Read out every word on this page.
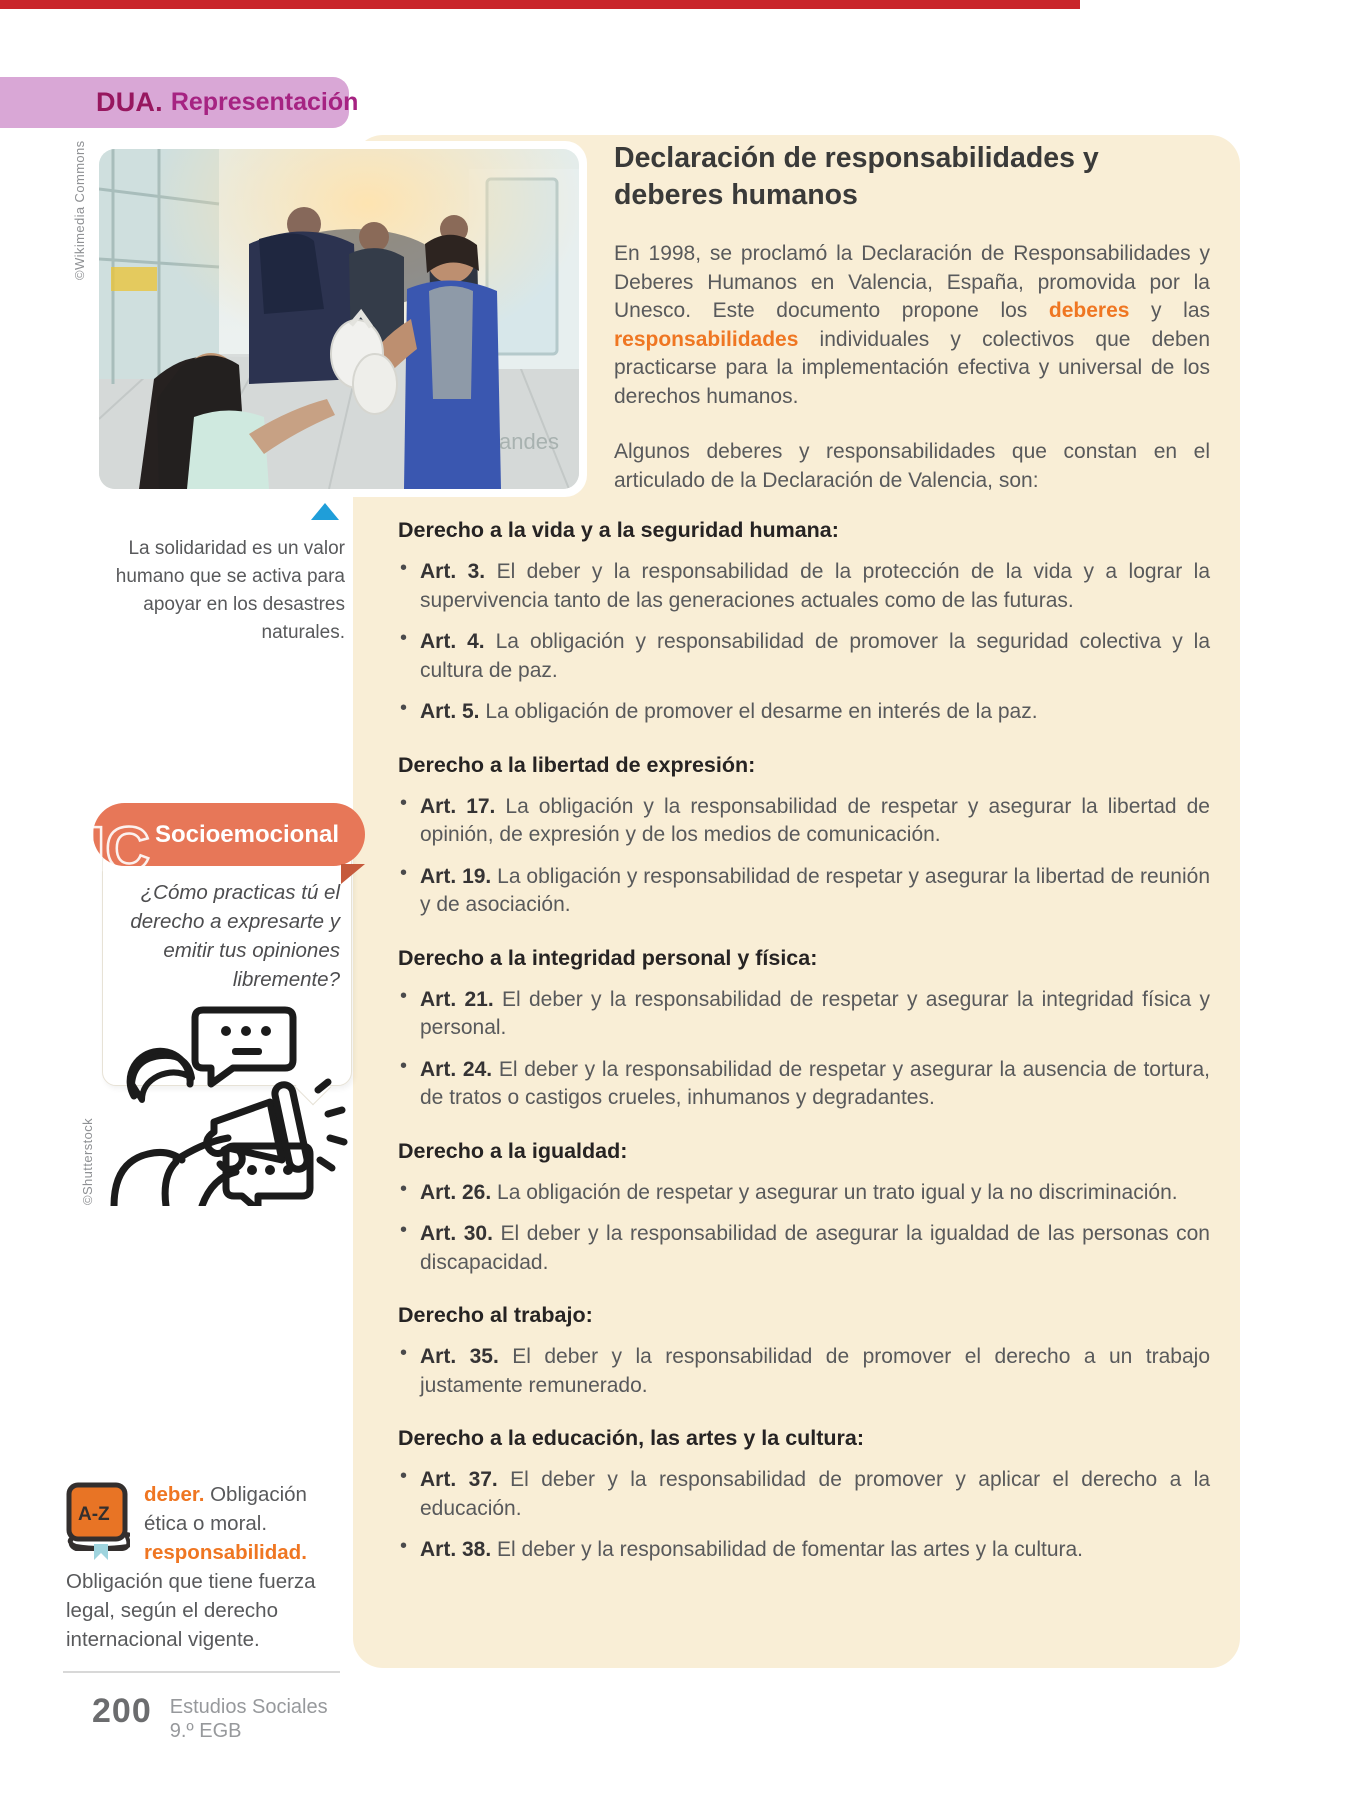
DUA. Representación
andes
©Wikimedia Commons
La solidaridad es un valor humano que se activa para apoyar en los desastres naturales.
Declaración de responsabilidades y deberes humanos

En 1998, se proclamó la Declaración de Responsabilidades y Deberes Humanos en Valencia, España, promovida por la Unesco. Este documento propone los deberes y las responsabilidades individuales y colectivos que deben practicarse para la implementación efectiva y universal de los derechos humanos.

Algunos deberes y responsabilidades que constan en el articulado de la Declaración de Valencia, son:

Derecho a la vida y a la seguridad humana:
• Art. 3. El deber y la responsabilidad de la protección de la vida y a lograr la supervivencia tanto de las generaciones actuales como de las futuras.
• Art. 4. La obligación y responsabilidad de promover la seguridad colectiva y la cultura de paz.
• Art. 5. La obligación de promover el desarme en interés de la paz.
Derecho a la libertad de expresión:
• Art. 17. La obligación y la responsabilidad de respetar y asegurar la libertad de opinión, de expresión y de los medios de comunicación.
• Art. 19. La obligación y responsabilidad de respetar y asegurar la libertad de reunión y de asociación.
Derecho a la integridad personal y física:
• Art. 21. El deber y la responsabilidad de respetar y asegurar la integridad física y personal.
• Art. 24. El deber y la responsabilidad de respetar y asegurar la ausencia de tortura, de tratos o castigos crueles, inhumanos y degradantes.
Derecho a la igualdad:
• Art. 26. La obligación de respetar y asegurar un trato igual y la no discriminación.
• Art. 30. El deber y la responsabilidad de asegurar la igualdad de las personas con discapacidad.
Derecho al trabajo:
• Art. 35. El deber y la responsabilidad de promover el derecho a un trabajo justamente remunerado.
Derecho a la educación, las artes y la cultura:
• Art. 37. El deber y la responsabilidad de promover y aplicar el derecho a la educación.
• Art. 38. El deber y la responsabilidad de fomentar las artes y la cultura.
Socioemocional
IC
¿Cómo practicas tú el derecho a expresarte y emitir tus opiniones libremente?
©Shutterstock
A-Z
deber. Obligación ética o moral.
responsabilidad. Obligación que tiene fuerza legal, según el derecho internacional vigente.
200 Estudios Sociales
9.º EGB
